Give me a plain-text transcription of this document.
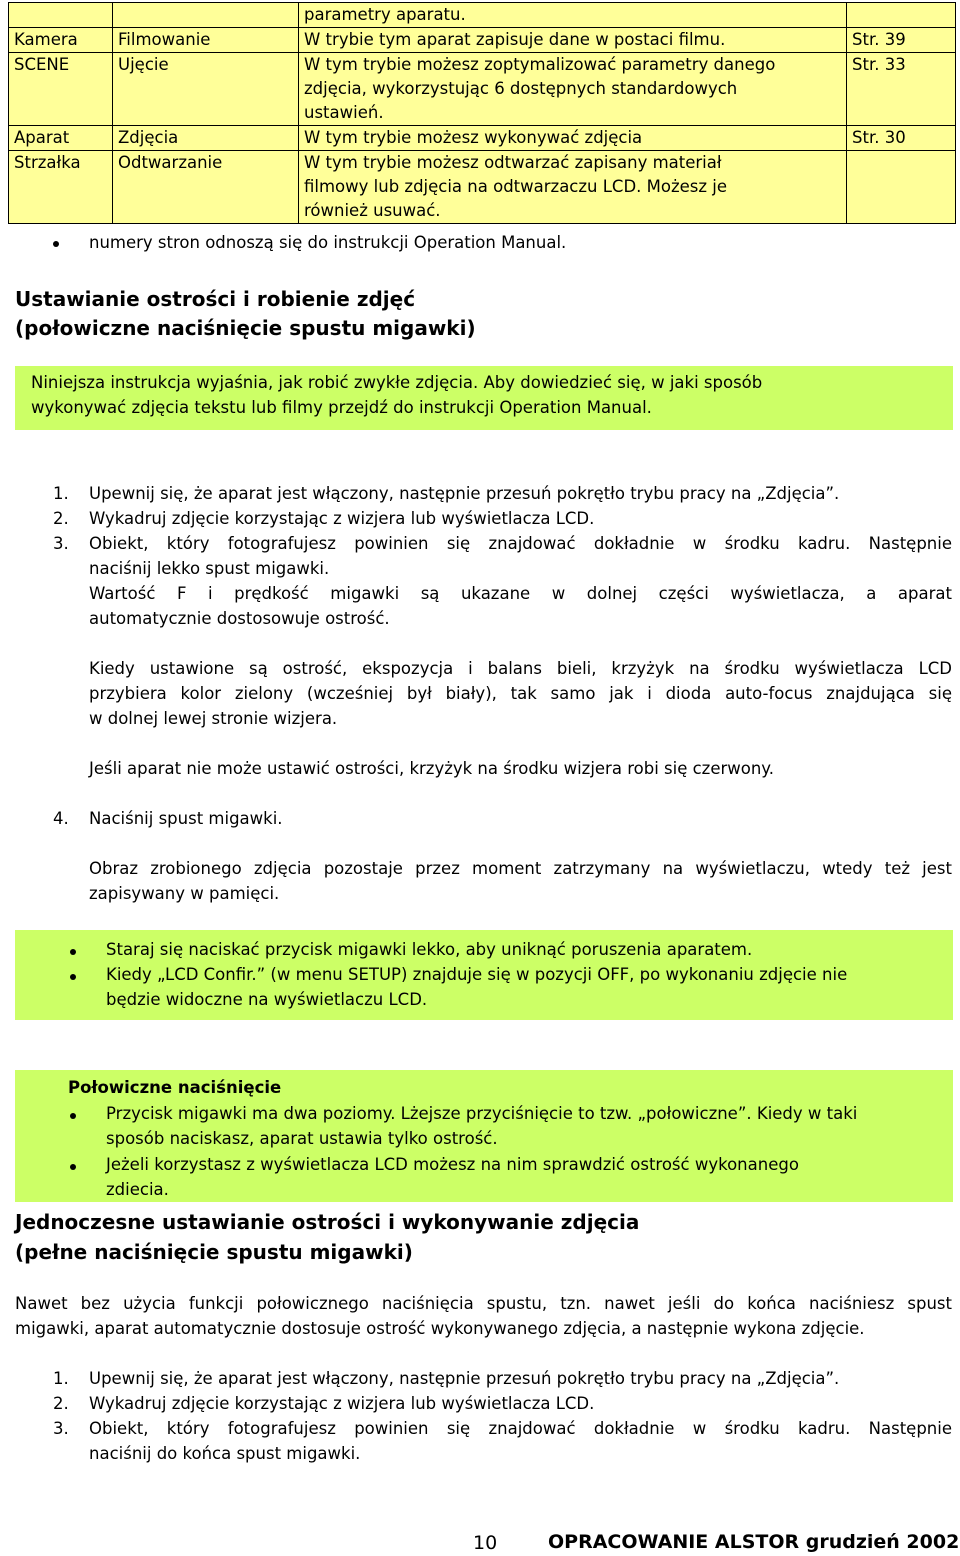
		parametry aparatu.	

Kamera	Filmowanie	W trybie tym aparat zapisuje dane w postaci filmu.	Str. 39
SCENE	Ujęcie	W tym trybie możesz zoptymalizować parametry danego
zdjęcia, wykorzystując 6 dostępnych standardowych
ustawień.	Str. 33
Aparat	Zdjęcia	W tym trybie możesz wykonywać zdjęcia	Str. 30
Strzałka	Odtwarzanie	W tym trybie możesz odtwarzać zapisany materiał
filmowy lub zdjęcia na odtwarzaczu LCD. Możesz je
również usuwać.	

numery stron odnoszą się do instrukcji Operation Manual.
Ustawianie ostrości i robienie zdjęć
(połowiczne naciśnięcie spustu migawki)
Niniejsza instrukcja wyjaśnia, jak robić zwykłe zdjęcia. Aby dowiedzieć się, w jaki sposób
wykonywać zdjęcia tekstu lub filmy przejdź do instrukcji Operation Manual.
1. Upewnij się, że aparat jest włączony, następnie przesuń pokrętło trybu pracy na „Zdjęcia”.
2. Wykadruj zdjęcie korzystając z wizjera lub wyświetlacza LCD.
3. Obiekt, który fotografujesz powinien się znajdować dokładnie w środku kadru. Następnie
naciśnij lekko spust migawki.
Wartość F i prędkość migawki są ukazane w dolnej części wyświetlacza, a aparat
automatycznie dostosowuje ostrość.
Kiedy ustawione są ostrość, ekspozycja i balans bieli, krzyżyk na środku wyświetlacza LCD
przybiera kolor zielony (wcześniej był biały), tak samo jak i dioda auto-focus znajdująca się
w dolnej lewej stronie wizjera.
Jeśli aparat nie może ustawić ostrości, krzyżyk na środku wizjera robi się czerwony.
4. Naciśnij spust migawki.
Obraz zrobionego zdjęcia pozostaje przez moment zatrzymany na wyświetlaczu, wtedy też jest
zapisywany w pamięci.
Staraj się naciskać przycisk migawki lekko, aby uniknąć poruszenia aparatem.
Kiedy „LCD Confir.” (w menu SETUP) znajduje się w pozycji OFF, po wykonaniu zdjęcie nie
będzie widoczne na wyświetlaczu LCD.
Połowiczne naciśnięcie
Przycisk migawki ma dwa poziomy. Lżejsze przyciśnięcie to tzw. „połowiczne”. Kiedy w taki
sposób naciskasz, aparat ustawia tylko ostrość.
Jeżeli korzystasz z wyświetlacza LCD możesz na nim sprawdzić ostrość wykonanego
zdiecia.
Jednoczesne ustawianie ostrości i wykonywanie zdjęcia
(pełne naciśnięcie spustu migawki)
Nawet bez użycia funkcji połowicznego naciśnięcia spustu, tzn. nawet jeśli do końca naciśniesz spust
migawki, aparat automatycznie dostosuje ostrość wykonywanego zdjęcia, a następnie wykona zdjęcie.
1. Upewnij się, że aparat jest włączony, następnie przesuń pokrętło trybu pracy na „Zdjęcia”.
2. Wykadruj zdjęcie korzystając z wizjera lub wyświetlacza LCD.
3. Obiekt, który fotografujesz powinien się znajdować dokładnie w środku kadru. Następnie
naciśnij do końca spust migawki.
10	OPRACOWANIE ALSTOR grudzień 2002
